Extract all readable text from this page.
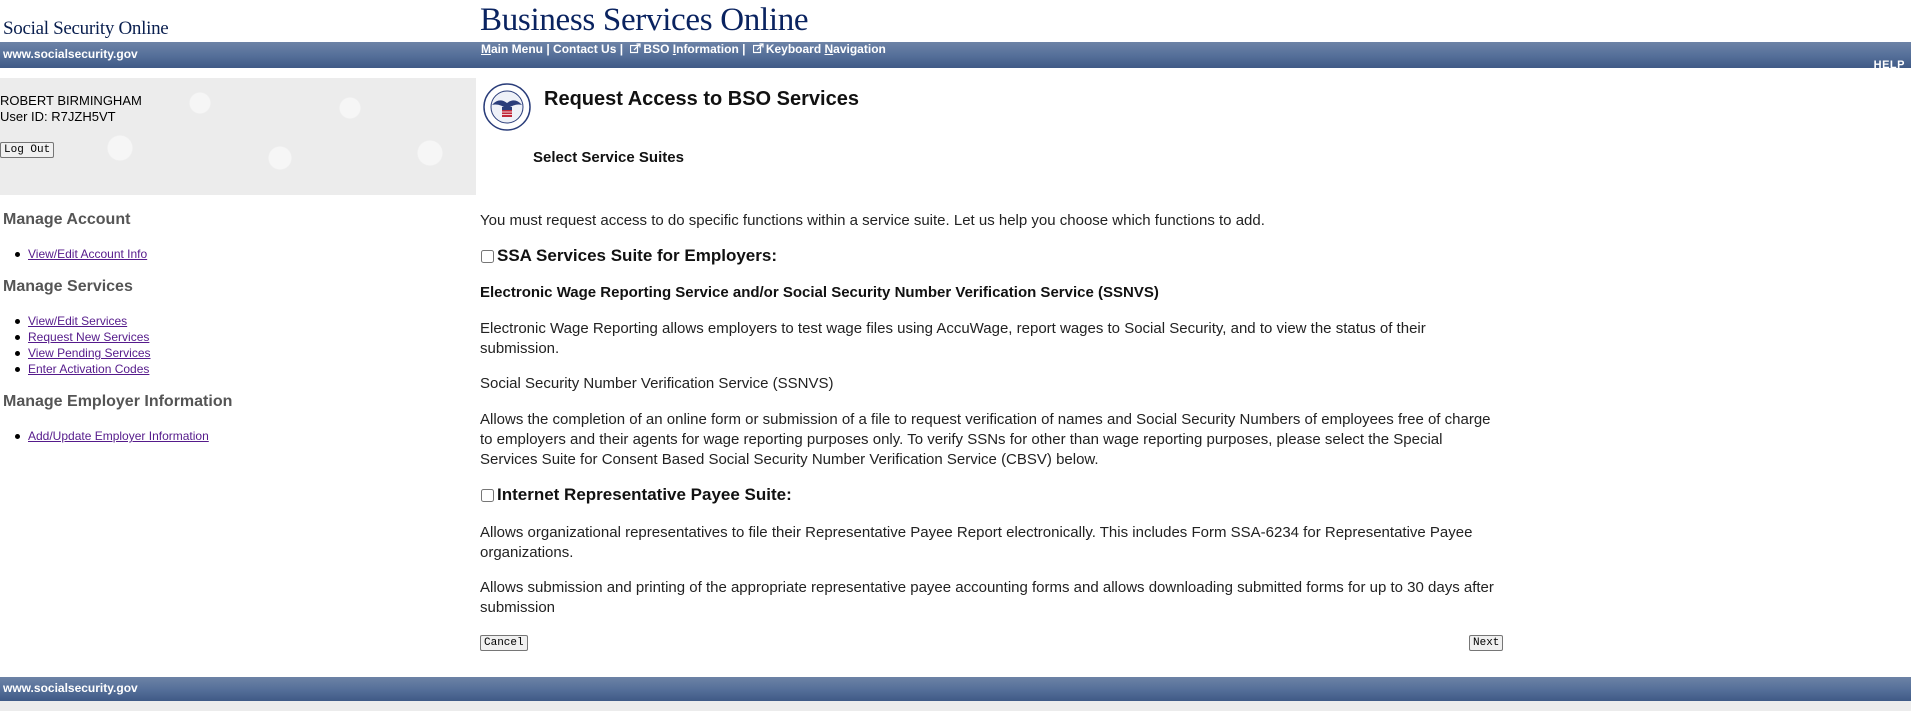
Social Security Online	Business Services Online
www.socialsecurity.gov	Main Menu | Contact Us | BSO Information | Keyboard Navigation
HELP
ROBERT BIRMINGHAM
User ID: R7JZH5VT
Log Out
Manage Account
View/Edit Account Info
Manage Services
View/Edit Services
Request New Services
View Pending Services
Enter Activation Codes
Manage Employer Information
Add/Update Employer Information
Request Access to BSO Services
Select Service Suites
You must request access to do specific functions within a service suite. Let us help you choose which functions to add.
SSA Services Suite for Employers:
Electronic Wage Reporting Service and/or Social Security Number Verification Service (SSNVS)
Electronic Wage Reporting allows employers to test wage files using AccuWage, report wages to Social Security, and to view the status of their submission.
Social Security Number Verification Service (SSNVS)
Allows the completion of an online form or submission of a file to request verification of names and Social Security Numbers of employees free of charge to employers and their agents for wage reporting purposes only. To verify SSNs for other than wage reporting purposes, please select the Special Services Suite for Consent Based Social Security Number Verification Service (CBSV) below.
Internet Representative Payee Suite:
Allows organizational representatives to file their Representative Payee Report electronically. This includes Form SSA-6234 for Representative Payee organizations.
Allows submission and printing of the appropriate representative payee accounting forms and allows downloading submitted forms for up to 30 days after submission
Cancel	Next
www.socialsecurity.gov
